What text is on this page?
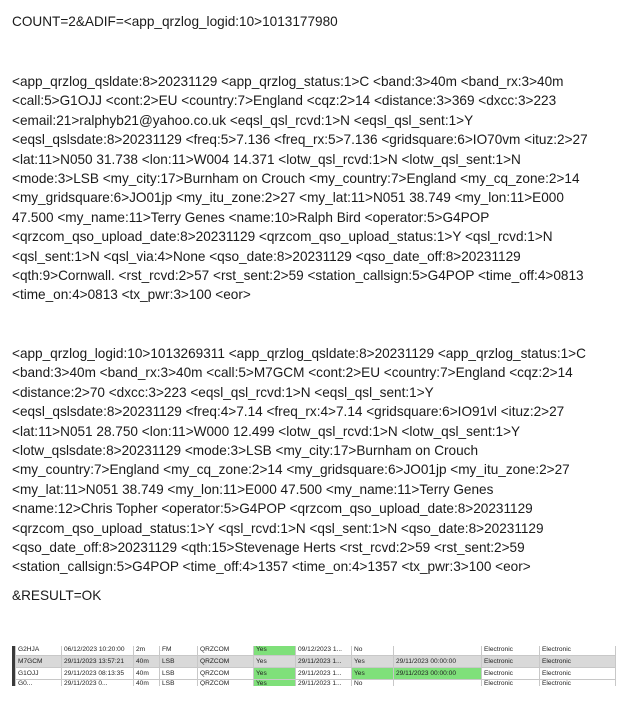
COUNT=2&ADIF=<app_qrzlog_logid:10>1013177980
<app_qrzlog_qsldate:8>20231129 <app_qrzlog_status:1>C <band:3>40m <band_rx:3>40m
<call:5>G1OJJ <cont:2>EU <country:7>England <cqz:2>14 <distance:3>369 <dxcc:3>223
<email:21>ralphyb21@yahoo.co.uk <eqsl_qsl_rcvd:1>N <eqsl_qsl_sent:1>Y
<eqsl_qslsdate:8>20231129 <freq:5>7.136 <freq_rx:5>7.136 <gridsquare:6>IO70vm <ituz:2>27
<lat:11>N050 31.738 <lon:11>W004 14.371 <lotw_qsl_rcvd:1>N <lotw_qsl_sent:1>N
<mode:3>LSB <my_city:17>Burnham on Crouch <my_country:7>England <my_cq_zone:2>14
<my_gridsquare:6>JO01jp <my_itu_zone:2>27 <my_lat:11>N051 38.749 <my_lon:11>E000
47.500 <my_name:11>Terry Genes <name:10>Ralph Bird <operator:5>G4POP
<qrzcom_qso_upload_date:8>20231129 <qrzcom_qso_upload_status:1>Y <qsl_rcvd:1>N
<qsl_sent:1>N <qsl_via:4>None <qso_date:8>20231129 <qso_date_off:8>20231129
<qth:9>Cornwall. <rst_rcvd:2>57 <rst_sent:2>59 <station_callsign:5>G4POP <time_off:4>0813
<time_on:4>0813 <tx_pwr:3>100 <eor>
<app_qrzlog_logid:10>1013269311 <app_qrzlog_qsldate:8>20231129 <app_qrzlog_status:1>C
<band:3>40m <band_rx:3>40m <call:5>M7GCM <cont:2>EU <country:7>England <cqz:2>14
<distance:2>70 <dxcc:3>223 <eqsl_qsl_rcvd:1>N <eqsl_qsl_sent:1>Y
<eqsl_qslsdate:8>20231129 <freq:4>7.14 <freq_rx:4>7.14 <gridsquare:6>IO91vl <ituz:2>27
<lat:11>N051 28.750 <lon:11>W000 12.499 <lotw_qsl_rcvd:1>N <lotw_qsl_sent:1>Y
<lotw_qslsdate:8>20231129 <mode:3>LSB <my_city:17>Burnham on Crouch
<my_country:7>England <my_cq_zone:2>14 <my_gridsquare:6>JO01jp <my_itu_zone:2>27
<my_lat:11>N051 38.749 <my_lon:11>E000 47.500 <my_name:11>Terry Genes
<name:12>Chris Topher <operator:5>G4POP <qrzcom_qso_upload_date:8>20231129
<qrzcom_qso_upload_status:1>Y <qsl_rcvd:1>N <qsl_sent:1>N <qso_date:8>20231129
<qso_date_off:8>20231129 <qth:15>Stevenage Herts <rst_rcvd:2>59 <rst_sent:2>59
<station_callsign:5>G4POP <time_off:4>1357 <time_on:4>1357 <tx_pwr:3>100 <eor>
&RESULT=OK
G2HJA	06/12/2023 10:20:00	2m	FM	QRZCOM	Yes	09/12/2023 1...	No		Electronic	Electronic
M7GCM	29/11/2023 13:57:21	40m	LSB	QRZCOM	Yes	29/11/2023 1...	Yes	29/11/2023 00:00:00	Electronic	Electronic
G1OJJ	29/11/2023 08:13:35	40m	LSB	QRZCOM	Yes	29/11/2023 1...	Yes	29/11/2023 00:00:00	Electronic	Electronic
G0...	29/11/2023 0...	40m	LSB	QRZCOM	Yes	29/11/2023 1...	No		Electronic	Electronic
